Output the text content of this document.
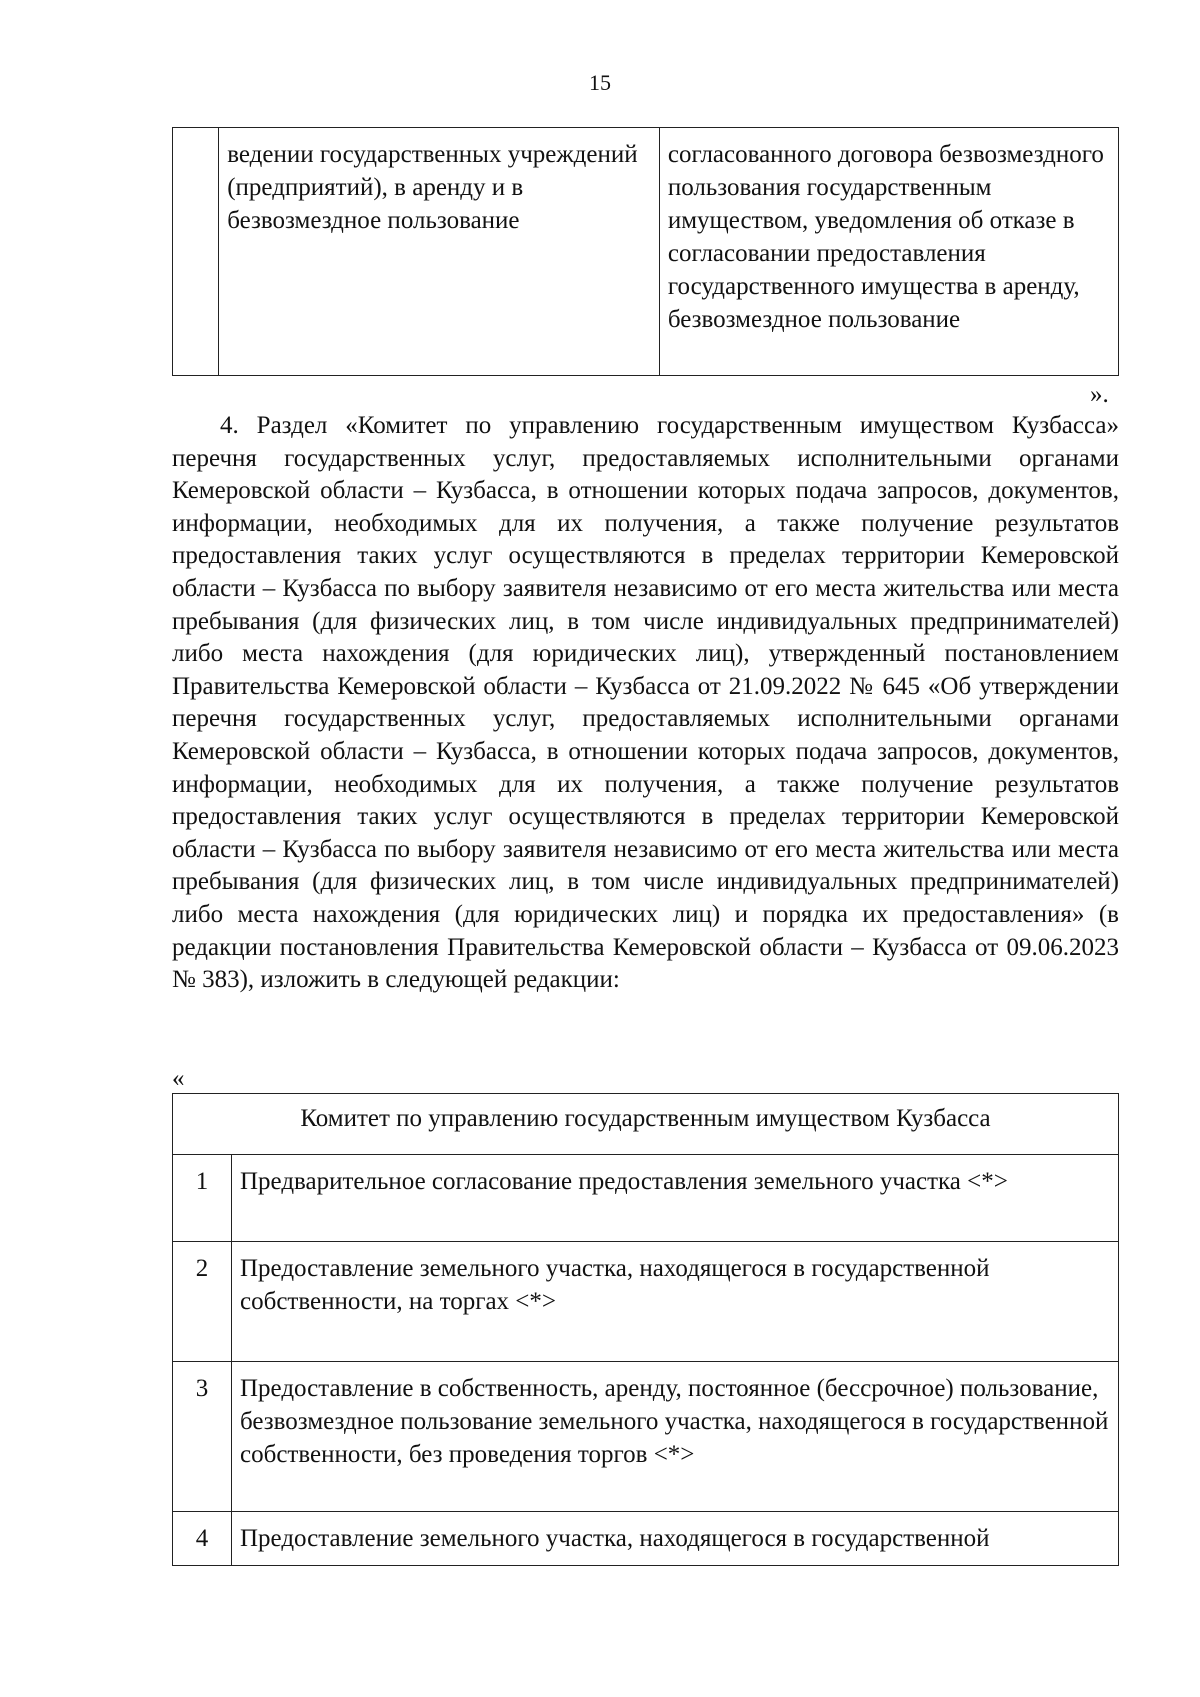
15
	ведении государственных учреждений (предприятий), в аренду и в безвозмездное пользование	согласованного договора безвозмездного пользования государственным имуществом, уведомления об отказе в согласовании предоставления государственного имущества в аренду, безвозмездное пользование
».

4. Раздел «Комитет по управлению государственным имуществом Кузбасса» перечня государственных услуг, предоставляемых исполнительными органами Кемеровской области – Кузбасса, в отношении которых подача запросов, документов, информации, необходимых для их получения, а также получение результатов предоставления таких услуг осуществляются в пределах территории Кемеровской области – Кузбасса по выбору заявителя независимо от его места жительства или места пребывания (для физических лиц, в том числе индивидуальных предпринимателей) либо места нахождения (для юридических лиц), утвержденный постановлением Правительства Кемеровской области – Кузбасса от 21.09.2022 № 645 «Об утверждении перечня государственных услуг, предоставляемых исполнительными органами Кемеровской области – Кузбасса, в отношении которых подача запросов, документов, информации, необходимых для их получения, а также получение результатов предоставления таких услуг осуществляются в пределах территории Кемеровской области – Кузбасса по выбору заявителя независимо от его места жительства или места пребывания (для физических лиц, в том числе индивидуальных предпринимателей) либо места нахождения (для юридических лиц) и порядка их предоставления» (в редакции постановления Правительства Кемеровской области – Кузбасса от 09.06.2023 № 383), изложить в следующей редакции:

«
Комитет по управлению государственным имуществом Кузбасса	
1	Предварительное согласование предоставления земельного участка <*>
2	Предоставление земельного участка, находящегося в государственной собственности, на торгах <*>
3	Предоставление в собственность, аренду, постоянное (бессрочное) пользование, безвозмездное пользование земельного участка, находящегося в государственной собственности, без проведения торгов <*>
4	Предоставление земельного участка, находящегося в государственной
